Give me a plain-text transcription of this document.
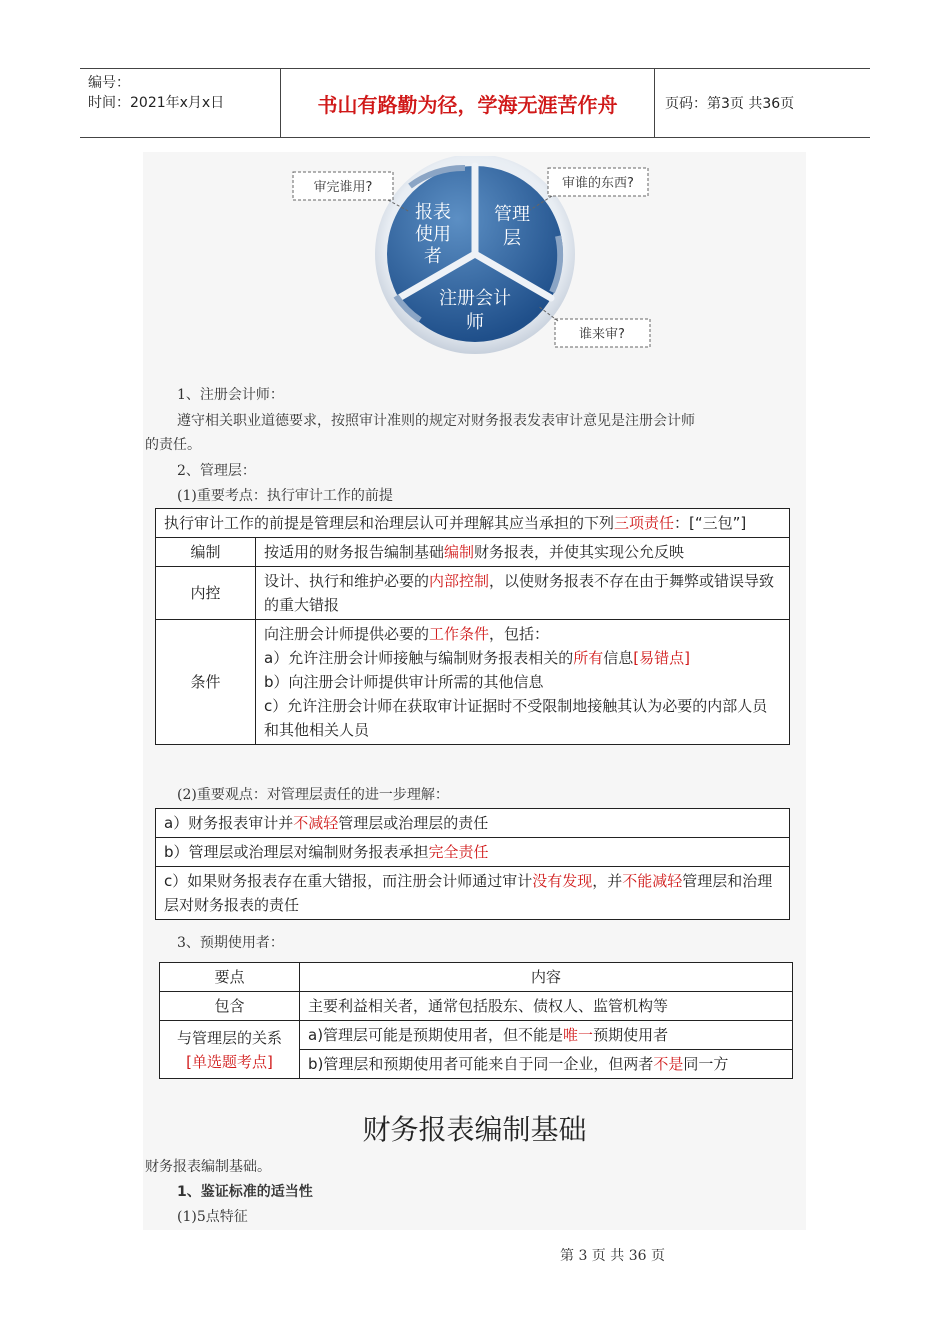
编号：
时间：2021年x月x日	书山有路勤为径，学海无涯苦作舟	页码：第3页 共36页
报表
使用
者
管理
层
注册会计
师
审完谁用?	审谁的东西?
谁来审?
1、注册会计师：
遵守相关职业道德要求，按照审计准则的规定对财务报表发表审计意见是注册会计师
的责任。
2、管理层：
(1)重要考点：执行审计工作的前提
执行审计工作的前提是管理层和治理层认可并理解其应当承担的下列三项责任：[“三包”]	
编制	按适用的财务报告编制基础编制财务报表，并使其实现公允反映
内控	设计、执行和维护必要的内部控制，以使财务报表不存在由于舞弊或错误导致的重大错报
条件	向注册会计师提供必要的工作条件，包括：
a）允许注册会计师接触与编制财务报表相关的所有信息[易错点]
b）向注册会计师提供审计所需的其他信息
c）允许注册会计师在获取审计证据时不受限制地接触其认为必要的内部人员和其他相关人员
(2)重要观点：对管理层责任的进一步理解：
a）财务报表审计并不减轻管理层或治理层的责任
b）管理层或治理层对编制财务报表承担完全责任
c）如果财务报表存在重大错报，而注册会计师通过审计没有发现，并不能减轻管理层和治理层对财务报表的责任
3、预期使用者：
要点	内容
包含	主要利益相关者，通常包括股东、债权人、监管机构等

与管理层的关系
[单选题考点]	a)管理层可能是预期使用者，但不能是唯一预期使用者
	b)管理层和预期使用者可能来自于同一企业，但两者不是同一方
财务报表编制基础
财务报表编制基础。
1、鉴证标准的适当性
(1)5点特征
第 3 页 共 36 页
